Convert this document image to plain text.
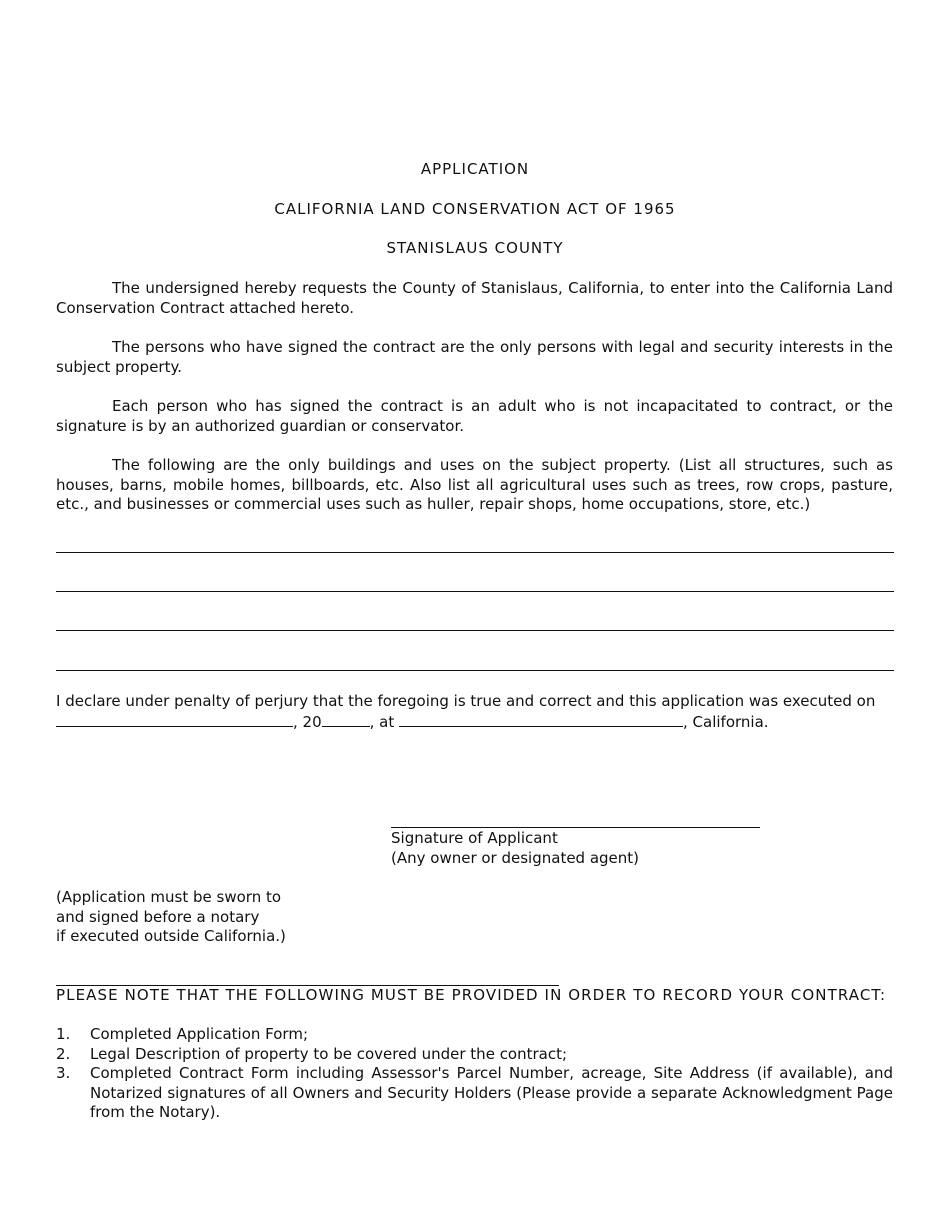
APPLICATION
CALIFORNIA LAND CONSERVATION ACT OF 1965
STANISLAUS COUNTY
The undersigned hereby requests the County of Stanislaus, California, to enter into the California Land Conservation Contract attached hereto.
The persons who have signed the contract are the only persons with legal and security interests in the subject property.
Each person who has signed the contract is an adult who is not incapacitated to contract, or the signature is by an authorized guardian or conservator.
The following are the only buildings and uses on the subject property. (List all structures, such as houses, barns, mobile homes, billboards, etc. Also list all agricultural uses such as trees, row crops, pasture, etc., and businesses or commercial uses such as huller, repair shops, home occupations, store, etc.)
I declare under penalty of perjury that the foregoing is true and correct and this application was executed on
, 20	, at	, California.
Signature of Applicant
(Any owner or designated agent)
(Application must be sworn to
and signed before a notary
if executed outside California.)
PLEASE NOTE THAT THE FOLLOWING MUST BE PROVIDED IN ORDER TO RECORD YOUR CONTRACT:
1.	Completed Application Form;
2.	Legal Description of property to be covered under the contract;
3.	Completed Contract Form including Assessor's Parcel Number, acreage, Site Address (if available), and Notarized signatures of all Owners and Security Holders (Please provide a separate Acknowledgment Page from the Notary).
